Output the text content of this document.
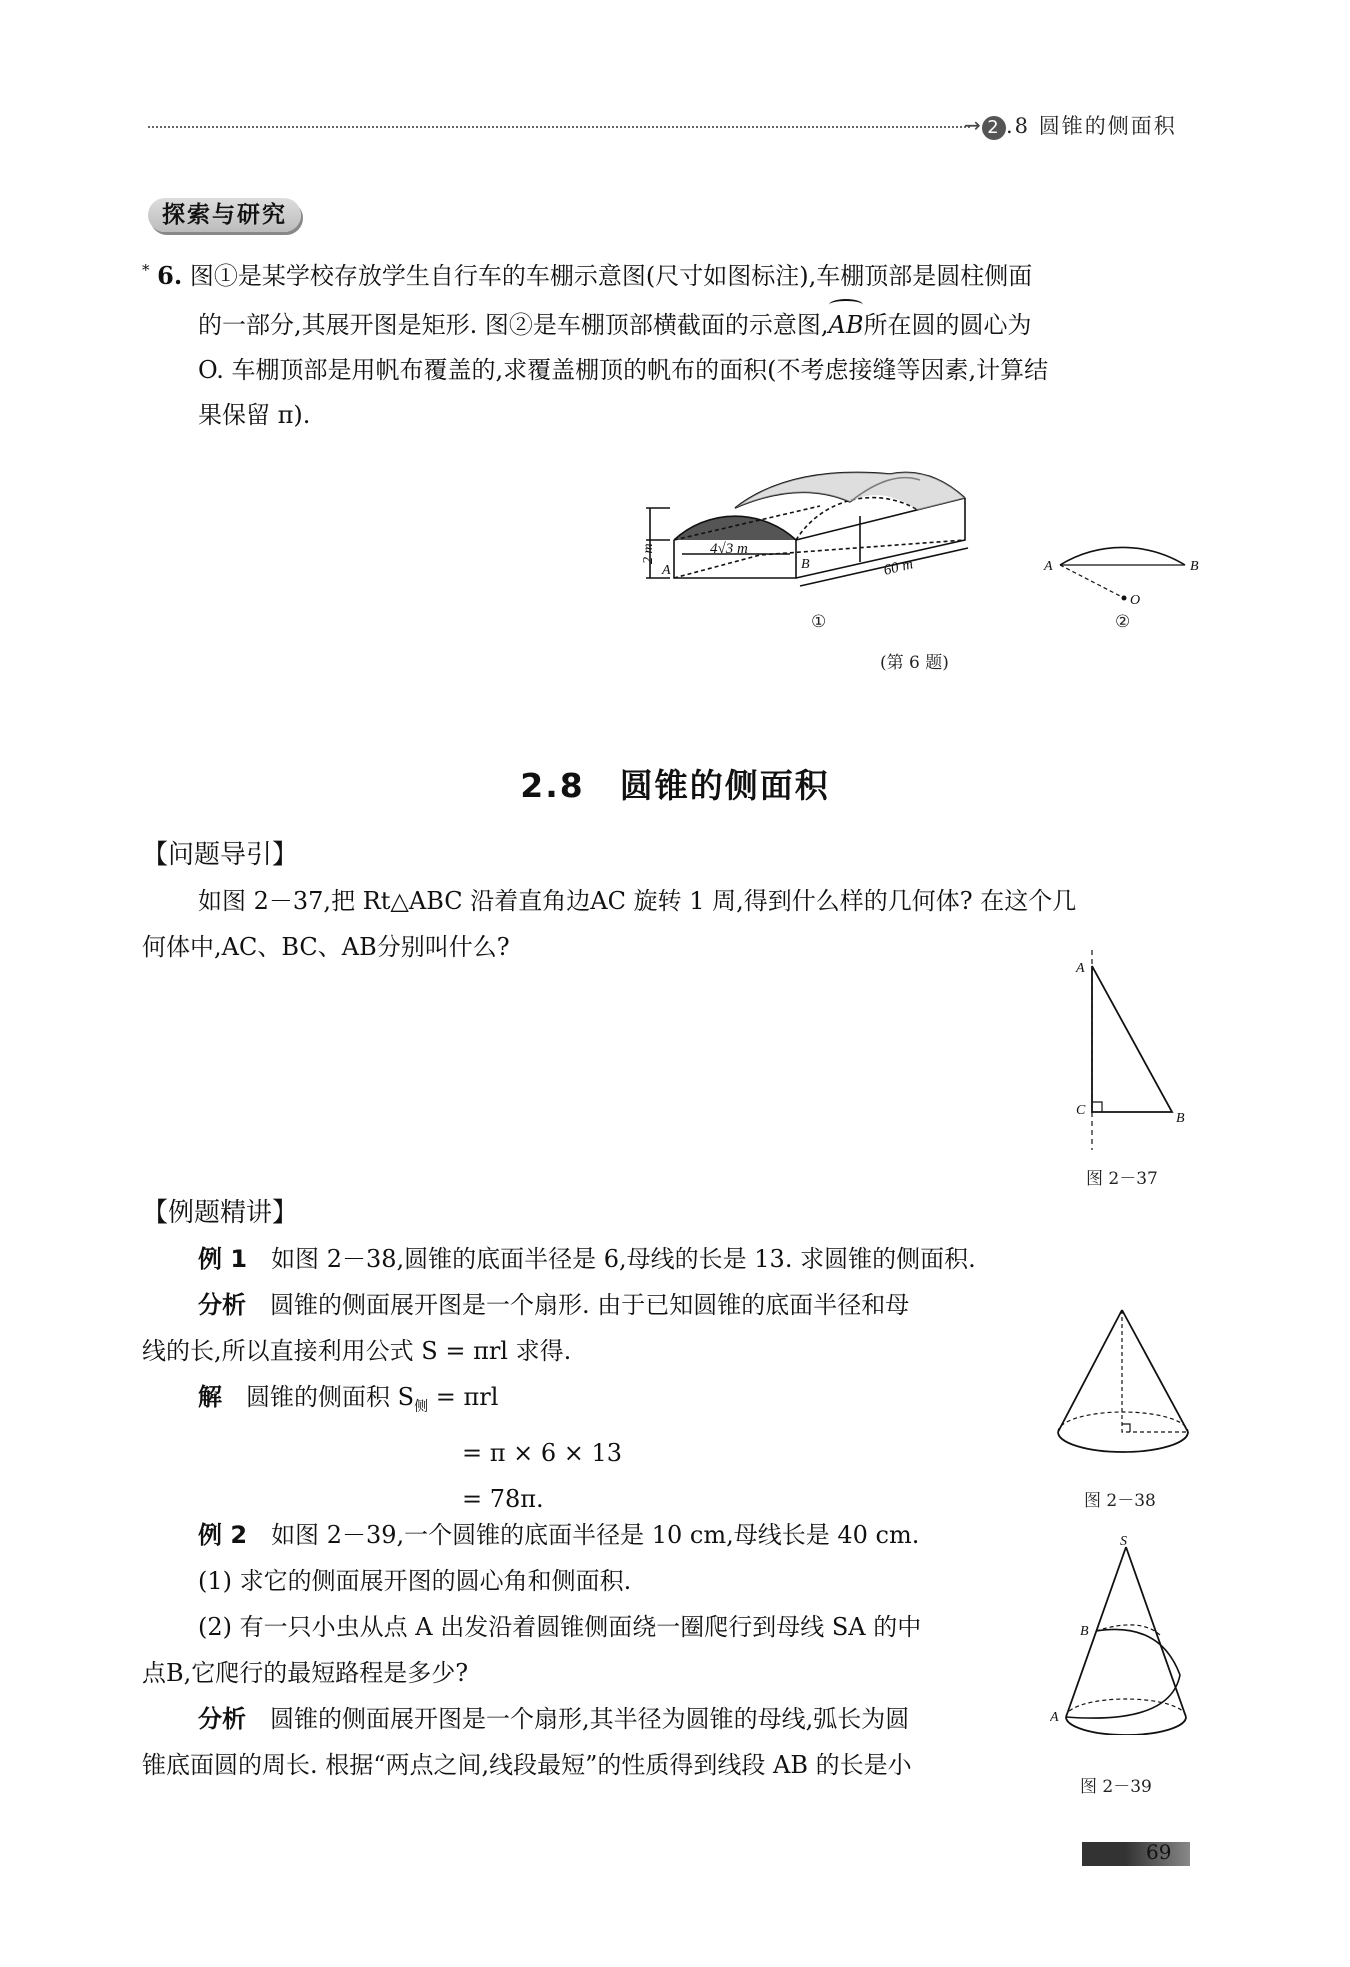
→ 2 .8 圆锥的侧面积
探索与研究
* 6. 图①是某学校存放学生自行车的车棚示意图(尺寸如图标注),车棚顶部是圆柱侧面
的一部分,其展开图是矩形. 图②是车棚顶部横截面的示意图,AB所在圆的圆心为
O. 车棚顶部是用帆布覆盖的,求覆盖棚顶的帆布的面积(不考虑接缝等因素,计算结
果保留 π).
2 m	4√3 m
60 m
A	B
①
A	B
O
②
(第 6 题)
2.8　圆锥的侧面积
【问题导引】
如图 2－37,把 Rt△ABC 沿着直角边AC 旋转 1 周,得到什么样的几何体? 在这个几
何体中,AC、BC、AB分别叫什么?
A
C
B
图 2－37
【例题精讲】
例 1　 如图 2－38,圆锥的底面半径是 6,母线的长是 13. 求圆锥的侧面积.
分析　 圆锥的侧面展开图是一个扇形. 由于已知圆锥的底面半径和母
线的长,所以直接利用公式 S = πrl 求得.
解　 圆锥的侧面积 $S_侧 = \pi rl$
= π × 6 × 13
= 78π.	图 2－38
例 2　 如图 2－39,一个圆锥的底面半径是 10 cm,母线长是 40 cm.
(1) 求它的侧面展开图的圆心角和侧面积.
(2) 有一只小虫从点 A 出发沿着圆锥侧面绕一圈爬行到母线 SA 的中
点B,它爬行的最短路程是多少?
分析　 圆锥的侧面展开图是一个扇形,其半径为圆锥的母线,弧长为圆
锥底面圆的周长. 根据“两点之间,线段最短”的性质得到线段 AB 的长是小
S
B
A
图 2－39
69
